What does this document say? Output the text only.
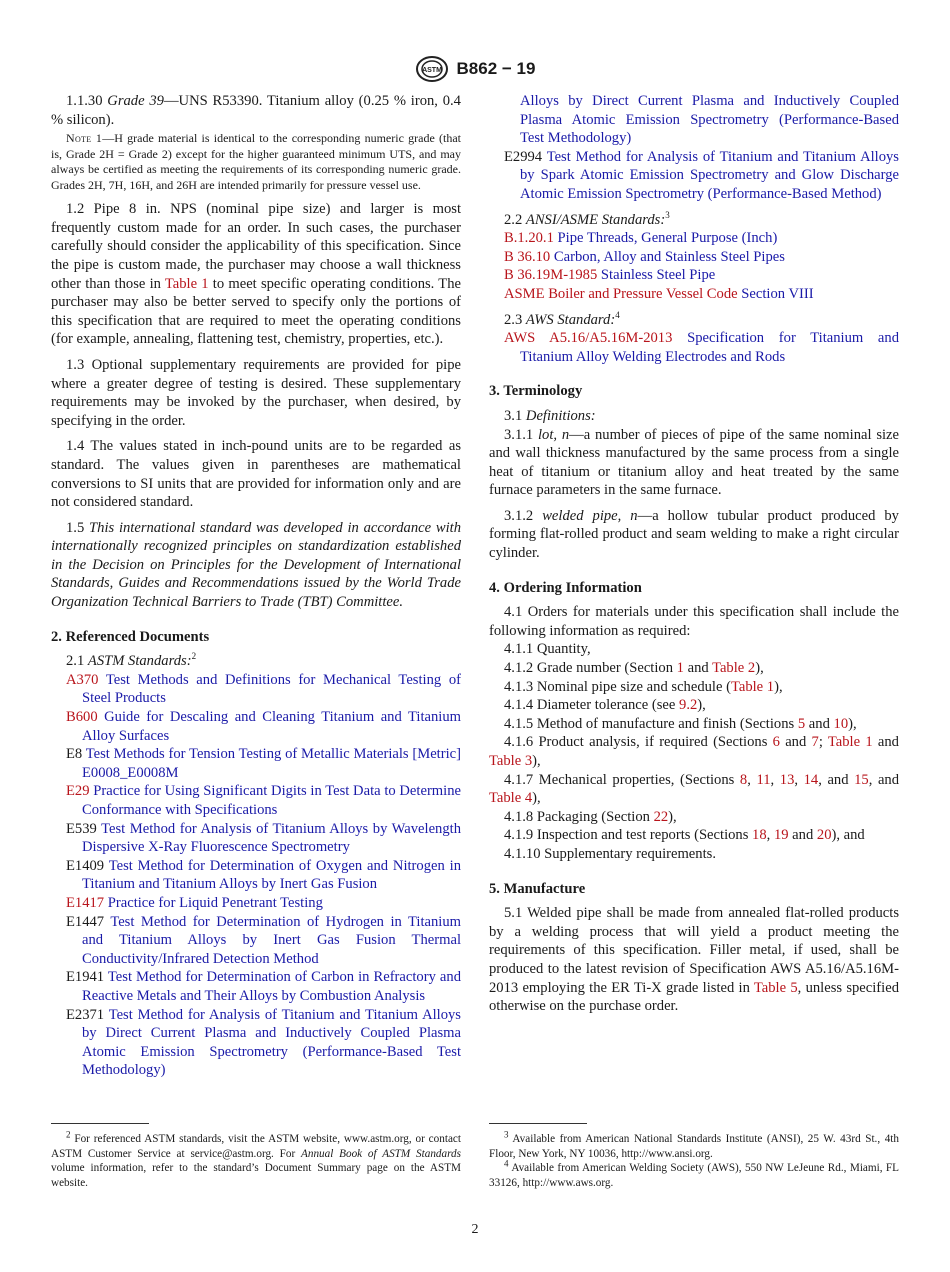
ASTM B862 − 19

1.1.30 Grade 39—UNS R53390. Titanium alloy (0.25 % iron, 0.4 % silicon).

Note 1—H grade material is identical to the corresponding numeric grade (that is, Grade 2H = Grade 2) except for the higher guaranteed minimum UTS, and may always be certified as meeting the requirements of its corresponding numeric grade. Grades 2H, 7H, 16H, and 26H are intended primarily for pressure vessel use.

1.2 Pipe 8 in. NPS (nominal pipe size) and larger is most frequently custom made for an order. In such cases, the purchaser carefully should consider the applicability of this specification. Since the pipe is custom made, the purchaser may choose a wall thickness other than those in Table 1 to meet specific operating conditions. The purchaser may also be better served to specify only the portions of this specification that are required to meet the operating conditions (for example, annealing, flattening test, chemistry, properties, etc.).

1.3 Optional supplementary requirements are provided for pipe where a greater degree of testing is desired. These supplementary requirements may be invoked by the purchaser, when desired, by specifying in the order.

1.4 The values stated in inch-pound units are to be regarded as standard. The values given in parentheses are mathematical conversions to SI units that are provided for information only and are not considered standard.

1.5 This international standard was developed in accordance with internationally recognized principles on standardization established in the Decision on Principles for the Development of International Standards, Guides and Recommendations issued by the World Trade Organization Technical Barriers to Trade (TBT) Committee.

2. Referenced Documents

2.1 ASTM Standards:$^2$

A370 Test Methods and Definitions for Mechanical Testing of Steel Products

B600 Guide for Descaling and Cleaning Titanium and Titanium Alloy Surfaces

E8 Test Methods for Tension Testing of Metallic Materials [Metric] E0008_E0008M

E29 Practice for Using Significant Digits in Test Data to Determine Conformance with Specifications

E539 Test Method for Analysis of Titanium Alloys by Wavelength Dispersive X-Ray Fluorescence Spectrometry

E1409 Test Method for Determination of Oxygen and Nitrogen in Titanium and Titanium Alloys by Inert Gas Fusion

E1417 Practice for Liquid Penetrant Testing

E1447 Test Method for Determination of Hydrogen in Titanium and Titanium Alloys by Inert Gas Fusion Thermal Conductivity/Infrared Detection Method

E1941 Test Method for Determination of Carbon in Refractory and Reactive Metals and Their Alloys by Combustion Analysis

E2371 Test Method for Analysis of Titanium and Titanium Alloys by Direct Current Plasma and Inductively Coupled Plasma Atomic Emission Spectrometry (Performance-Based Test Methodology)

$^2$ For referenced ASTM standards, visit the ASTM website, www.astm.org, or contact ASTM Customer Service at service@astm.org. For Annual Book of ASTM Standards volume information, refer to the standard’s Document Summary page on the ASTM website.

Alloys by Direct Current Plasma and Inductively Coupled Plasma Atomic Emission Spectrometry (Performance-Based Test Methodology)

E2994 Test Method for Analysis of Titanium and Titanium Alloys by Spark Atomic Emission Spectrometry and Glow Discharge Atomic Emission Spectrometry (Performance-Based Method)

2.2 ANSI/ASME Standards:$^3$

B.1.20.1 Pipe Threads, General Purpose (Inch)

B 36.10 Carbon, Alloy and Stainless Steel Pipes

B 36.19M-1985 Stainless Steel Pipe

ASME Boiler and Pressure Vessel Code Section VIII

2.3 AWS Standard:$^4$

AWS A5.16/A5.16M-2013 Specification for Titanium and Titanium Alloy Welding Electrodes and Rods

3. Terminology

3.1 Definitions:

3.1.1 lot, n—a number of pieces of pipe of the same nominal size and wall thickness manufactured by the same process from a single heat of titanium or titanium alloy and heat treated by the same furnace parameters in the same furnace.

3.1.2 welded pipe, n—a hollow tubular product produced by forming flat-rolled product and seam welding to make a right circular cylinder.

4. Ordering Information

4.1 Orders for materials under this specification shall include the following information as required:

4.1.1 Quantity,

4.1.2 Grade number (Section 1 and Table 2),

4.1.3 Nominal pipe size and schedule (Table 1),

4.1.4 Diameter tolerance (see 9.2),

4.1.5 Method of manufacture and finish (Sections 5 and 10),

4.1.6 Product analysis, if required (Sections 6 and 7; Table 1 and Table 3),

4.1.7 Mechanical properties, (Sections 8, 11, 13, 14, and 15, and Table 4),

4.1.8 Packaging (Section 22),

4.1.9 Inspection and test reports (Sections 18, 19 and 20), and

4.1.10 Supplementary requirements.

5. Manufacture

5.1 Welded pipe shall be made from annealed flat-rolled products by a welding process that will yield a product meeting the requirements of this specification. Filler metal, if used, shall be produced to the latest revision of Specification AWS A5.16/A5.16M-2013 employing the ER Ti-X grade listed in Table 5, unless specified otherwise on the purchase order.

$^3$ Available from American National Standards Institute (ANSI), 25 W. 43rd St., 4th Floor, New York, NY 10036, http://www.ansi.org.

$^4$ Available from American Welding Society (AWS), 550 NW LeJeune Rd., Miami, FL 33126, http://www.aws.org.

2
